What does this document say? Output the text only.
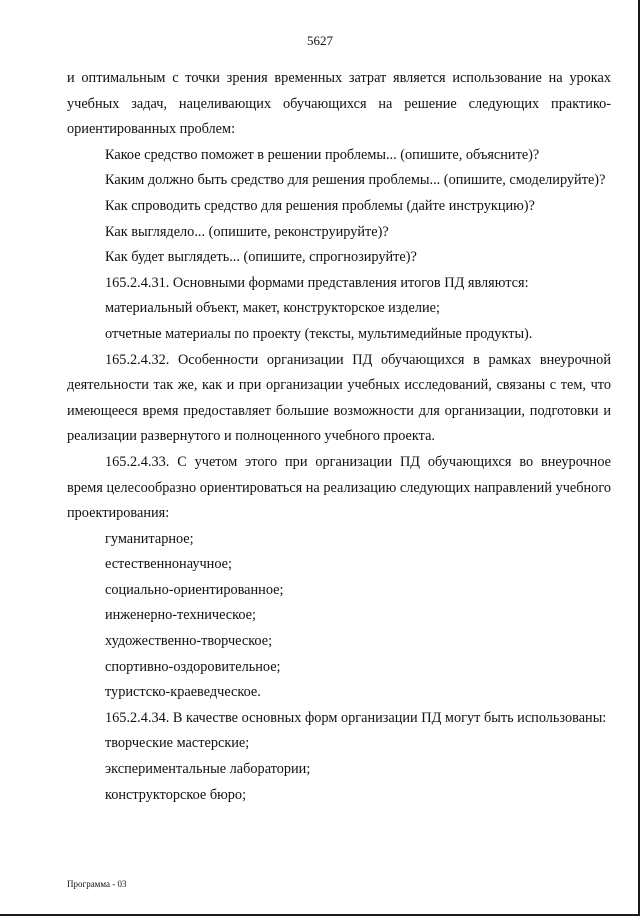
5627

и оптимальным с точки зрения временных затрат является использование на уроках учебных задач, нацеливающих обучающихся на решение следующих практико-ориентированных проблем:

Какое средство поможет в решении проблемы... (опишите, объясните)?

Каким должно быть средство для решения проблемы... (опишите, смоделируйте)?

Как спроводить средство для решения проблемы (дайте инструкцию)?

Как выглядело... (опишите, реконструируйте)?

Как будет выглядеть... (опишите, спрогнозируйте)?

165.2.4.31. Основными формами представления итогов ПД являются:

материальный объект, макет, конструкторское изделие;

отчетные материалы по проекту (тексты, мультимедийные продукты).

165.2.4.32. Особенности организации ПД обучающихся в рамках внеурочной деятельности так же, как и при организации учебных исследований, связаны с тем, что имеющееся время предоставляет большие возможности для организации, подготовки и реализации развернутого и полноценного учебного проекта.

165.2.4.33. С учетом этого при организации ПД обучающихся во внеурочное время целесообразно ориентироваться на реализацию следующих направлений учебного проектирования:

гуманитарное;

естественнонаучное;

социально-ориентированное;

инженерно-техническое;

художественно-творческое;

спортивно-оздоровительное;

туристско-краеведческое.

165.2.4.34. В качестве основных форм организации ПД могут быть использованы:

творческие мастерские;

экспериментальные лаборатории;

конструкторское бюро;

Программа - 03
